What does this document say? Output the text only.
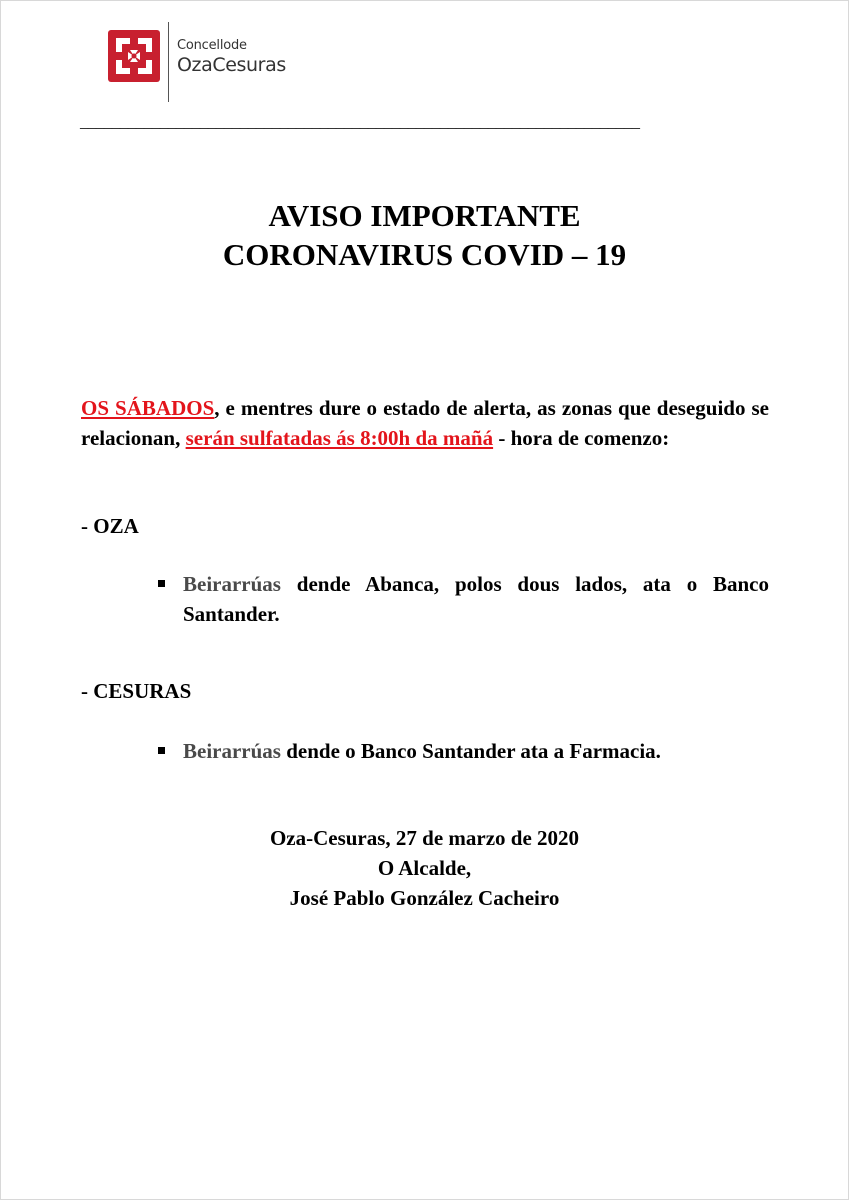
Concellode
OzaCesuras
______________________________________________________________________
AVISO IMPORTANTE
CORONAVIRUS COVID – 19
OS SÁBADOS, e mentres dure o estado de alerta, as zonas que deseguido se relacionan, serán sulfatadas ás 8:00h da mañá - hora de comenzo:
- OZA
Beirarrúas dende Abanca, polos dous lados, ata o Banco Santander.
- CESURAS
Beirarrúas dende o Banco Santander ata a Farmacia.
Oza-Cesuras, 27 de marzo de 2020
O Alcalde,
José Pablo González Cacheiro
